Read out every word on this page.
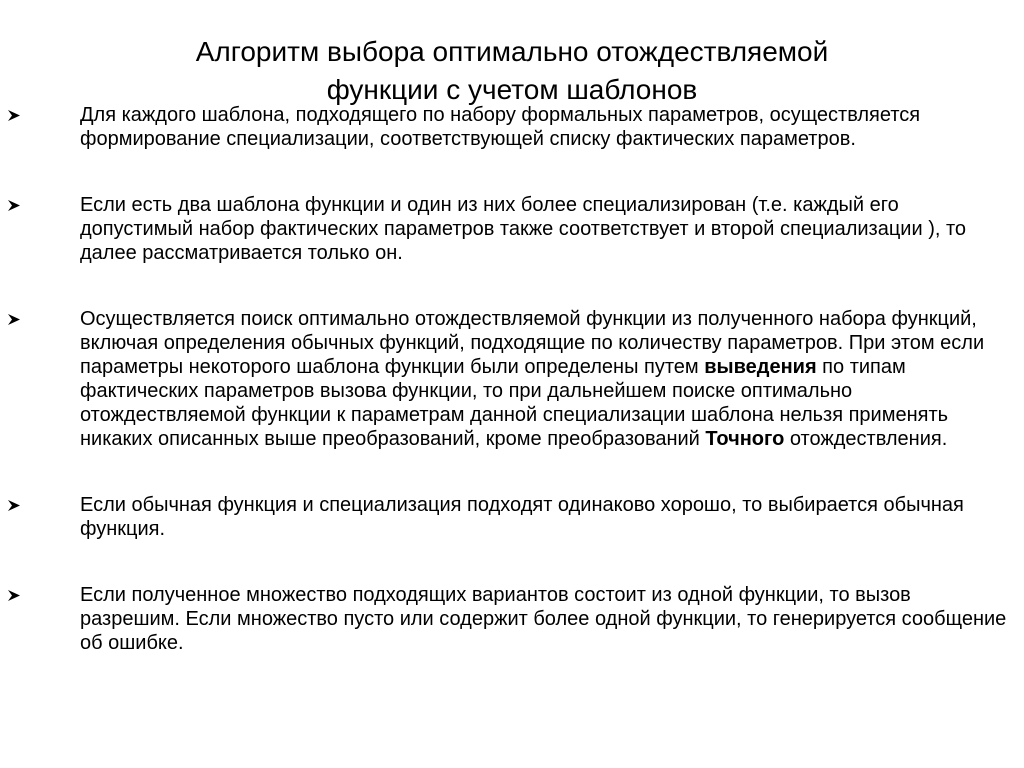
Алгоритм выбора оптимально отождествляемой
функции с учетом шаблонов
Для каждого шаблона, подходящего по набору формальных параметров, осуществляется формирование специализации, соответствующей списку фактических параметров.
Если есть два шаблона функции и один из них более специализирован (т.е. каждый его допустимый набор фактических параметров также соответствует и второй специализации ), то далее рассматривается только он.
Осуществляется поиск оптимально отождествляемой функции из полученного набора функций, включая определения обычных функций, подходящие по количеству параметров. При этом если параметры некоторого шаблона функции были определены путем выведения по типам фактических параметров вызова функции, то при дальнейшем поиске оптимально отождествляемой функции к параметрам данной специализации шаблона нельзя применять никаких описанных выше преобразований, кроме преобразований Точного отождествления.
Если обычная функция и специализация подходят одинаково хорошо, то выбирается обычная функция.
Если полученное множество подходящих вариантов состоит из одной функции, то вызов разрешим. Если множество пусто или содержит более одной функции, то генерируется сообщение об ошибке.
